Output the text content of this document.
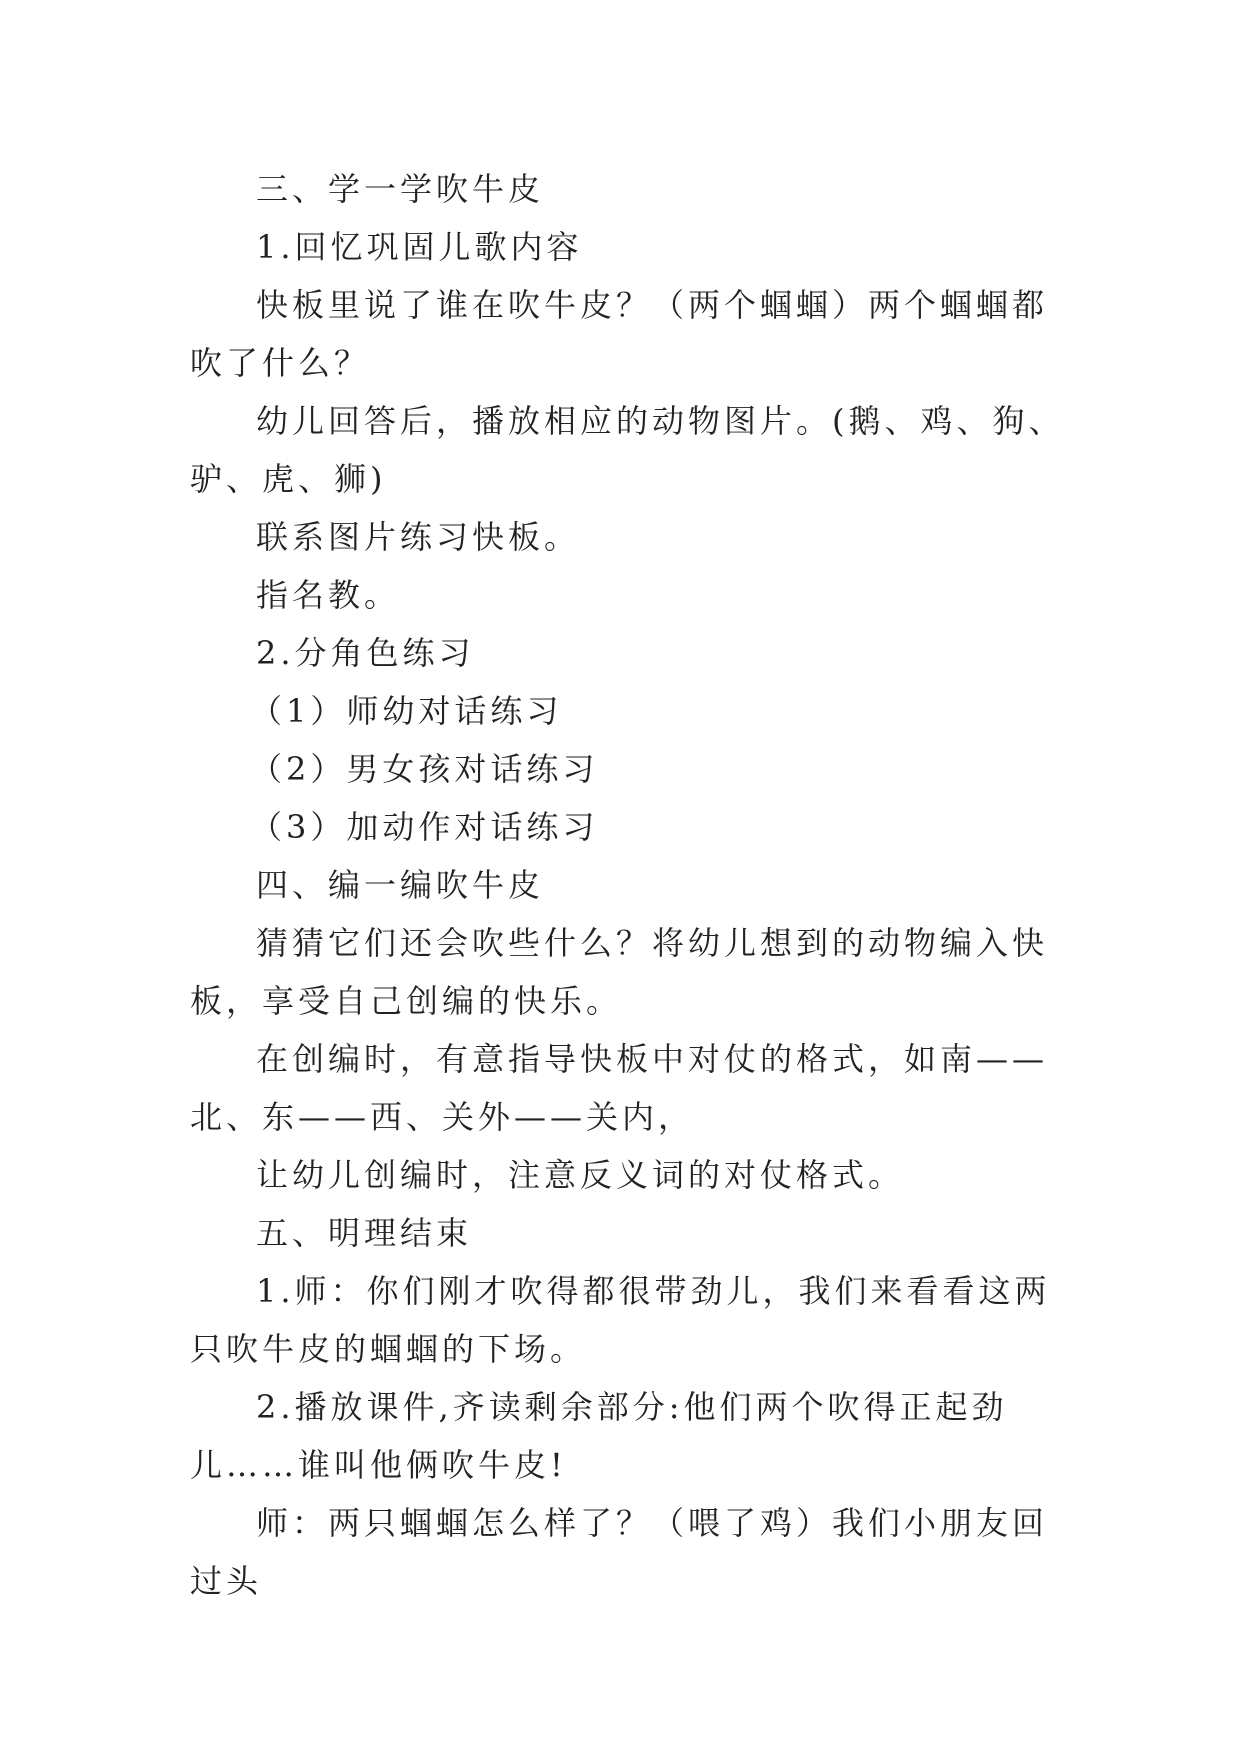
三、学一学吹牛皮

1.回忆巩固儿歌内容

快板里说了谁在吹牛皮？（两个蝈蝈）两个蝈蝈都吹了什么？

幼儿回答后，播放相应的动物图片。(鹅、鸡、狗、驴、虎、狮)

联系图片练习快板。

指名教。

2.分角色练习

（1）师幼对话练习

（2）男女孩对话练习

（3）加动作对话练习

四、编一编吹牛皮

猜猜它们还会吹些什么？将幼儿想到的动物编入快板，享受自己创编的快乐。

在创编时，有意指导快板中对仗的格式，如南——北、东——西、关外——关内，

让幼儿创编时，注意反义词的对仗格式。

五、明理结束

1.师：你们刚才吹得都很带劲儿，我们来看看这两只吹牛皮的蝈蝈的下场。

2.播放课件,齐读剩余部分:他们两个吹得正起劲儿……谁叫他俩吹牛皮!

师：两只蝈蝈怎么样了？（喂了鸡）我们小朋友回过头
